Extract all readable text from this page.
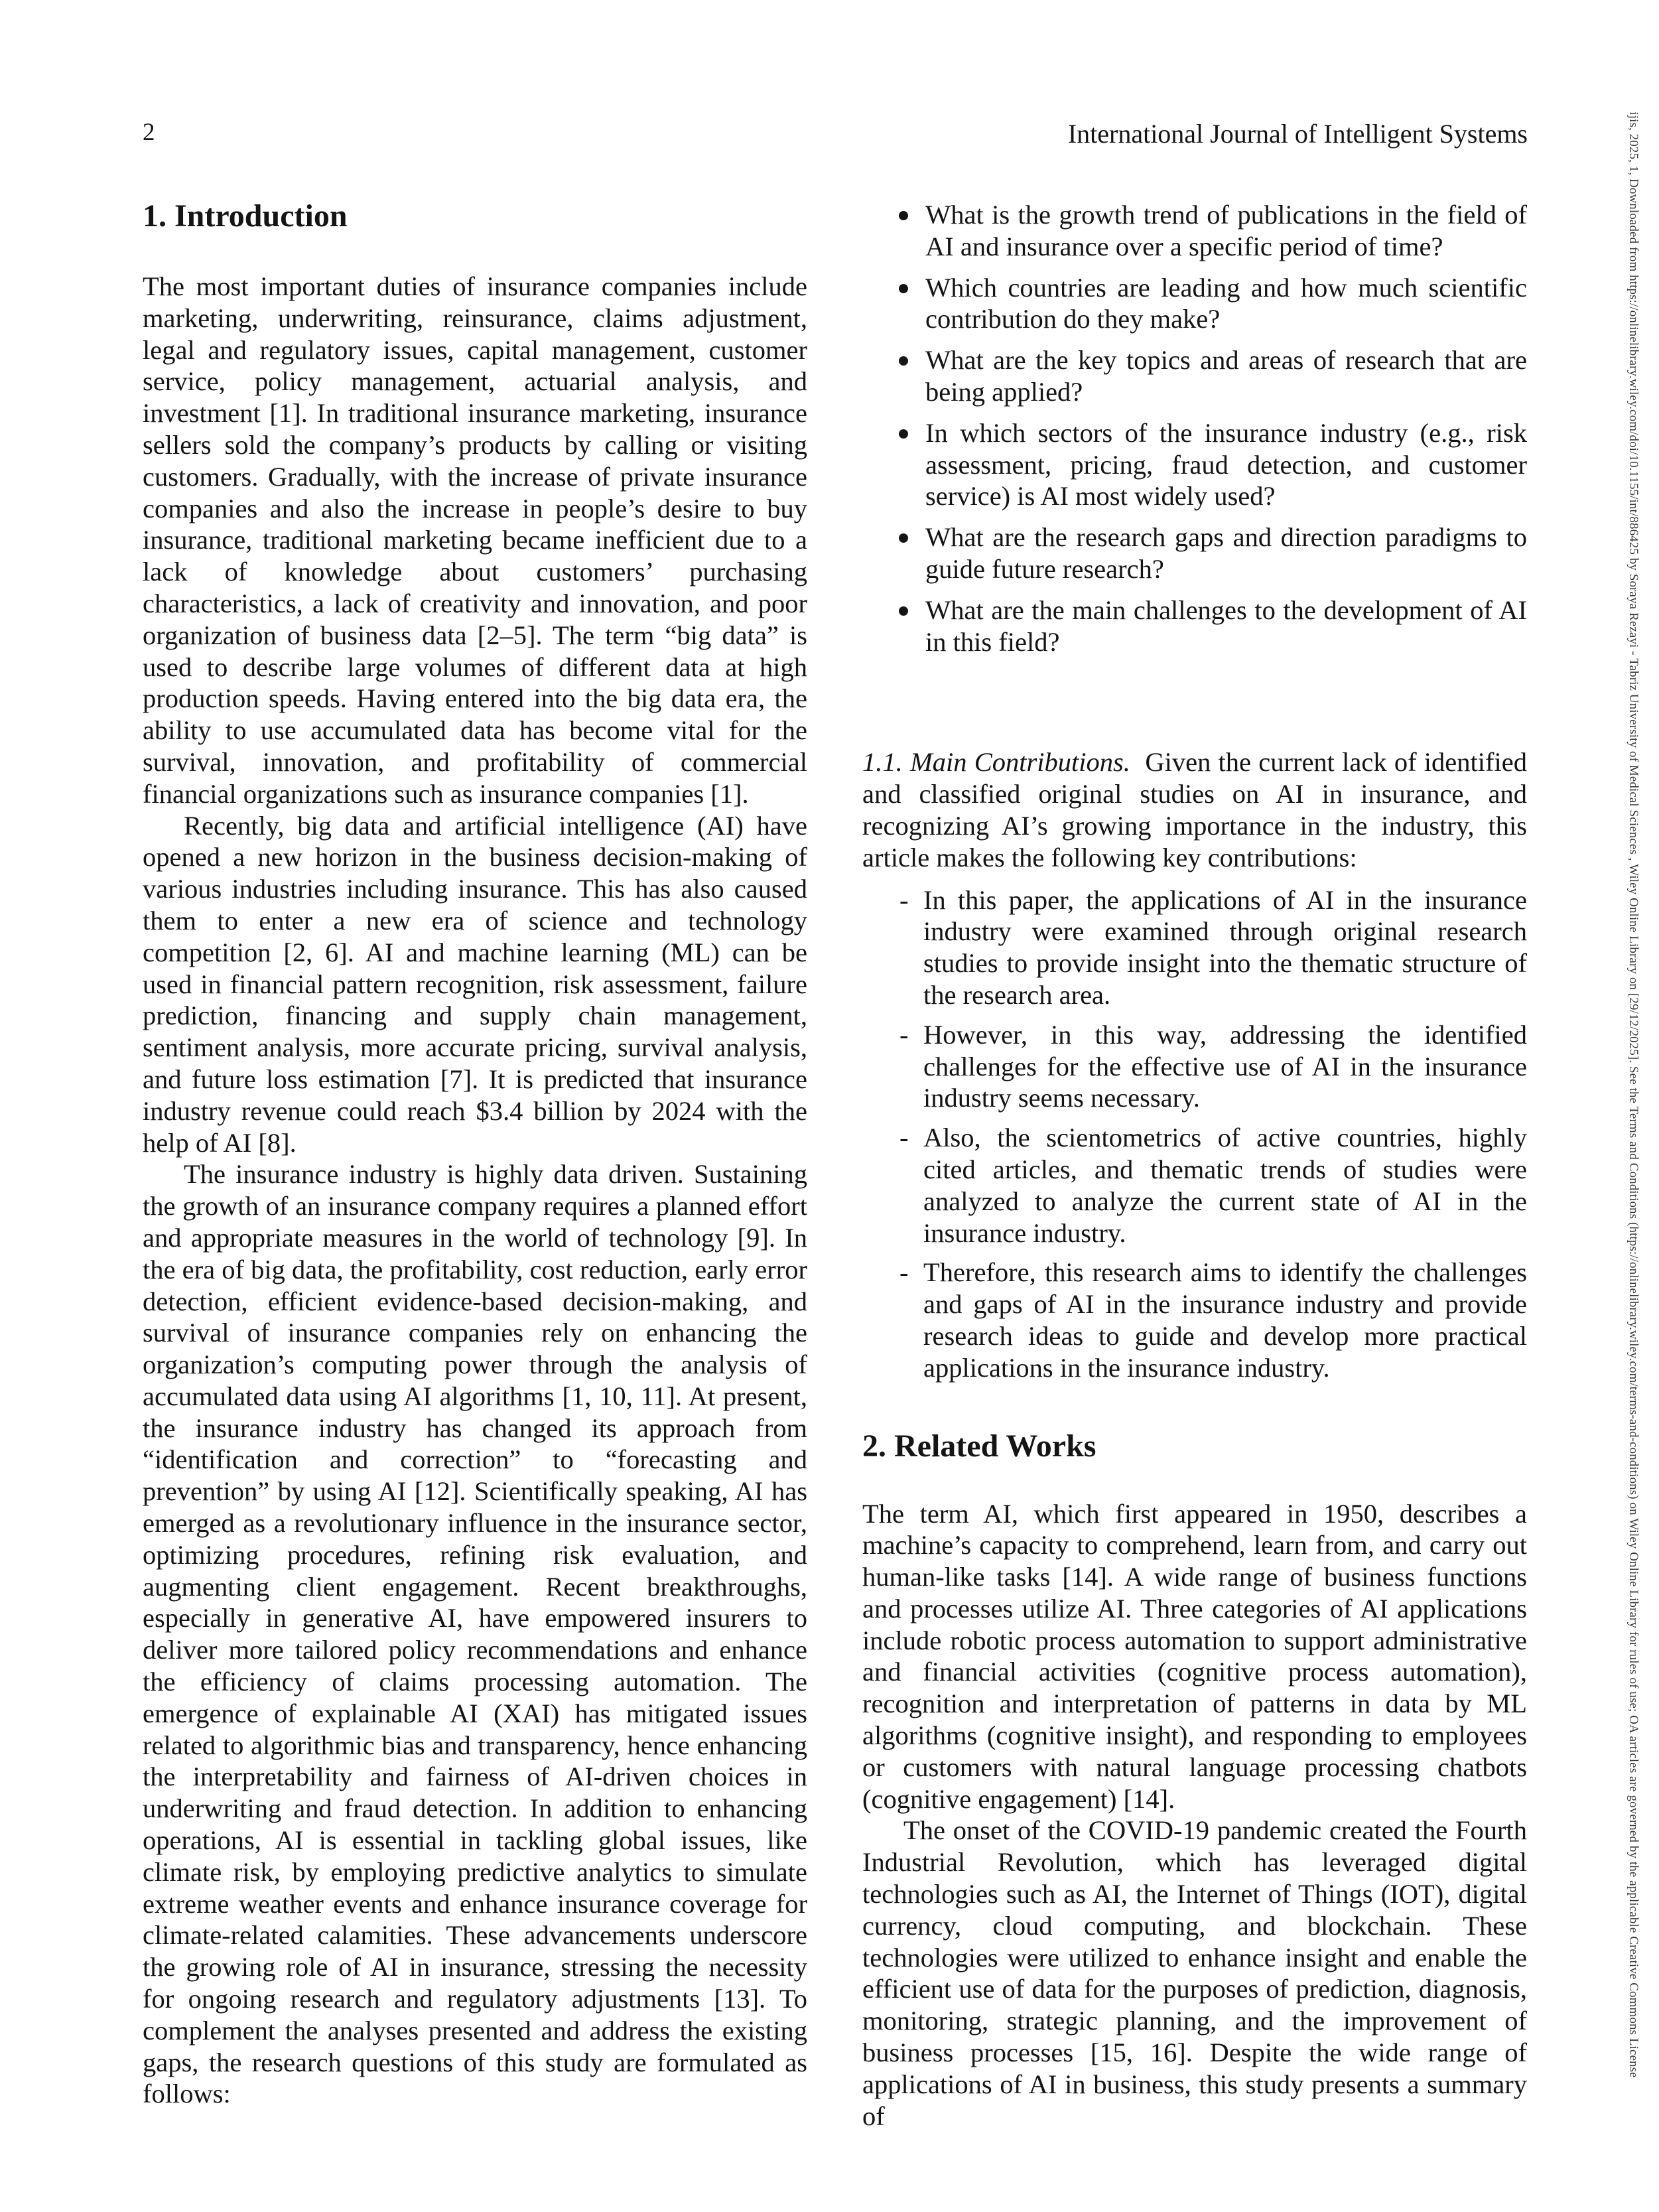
2	International Journal of Intelligent Systems	ijis, 2025, 1, Downloaded from https://onlinelibrary.wiley.com/doi/10.1155/int/886425 by Soraya Rezayi - Tabriz University of Medical Sciences , Wiley Online Library on [29/12/2025]. See the Terms and Conditions (https://onlinelibrary.wiley.com/terms-and-conditions) on Wiley Online Library for rules of use; OA articles are governed by the applicable Creative Commons License
1. Introduction

The most important duties of insurance companies include marketing, underwriting, reinsurance, claims adjustment, legal and regulatory issues, capital management, customer service, policy management, actuarial analysis, and investment [1]. In traditional insurance marketing, insurance sellers sold the company’s products by calling or visiting customers. Gradually, with the increase of private insurance companies and also the increase in people’s desire to buy insurance, traditional marketing became inefficient due to a lack of knowledge about customers’ purchasing characteristics, a lack of creativity and innovation, and poor organization of business data [2–5]. The term “big data” is used to describe large volumes of different data at high production speeds. Having entered into the big data era, the ability to use accumulated data has become vital for the survival, innovation, and profitability of commercial financial organizations such as insurance companies [1].

Recently, big data and artificial intelligence (AI) have opened a new horizon in the business decision-making of various industries including insurance. This has also caused them to enter a new era of science and technology competition [2, 6]. AI and machine learning (ML) can be used in financial pattern recognition, risk assessment, failure prediction, financing and supply chain management, sentiment analysis, more accurate pricing, survival analysis, and future loss estimation [7]. It is predicted that insurance industry revenue could reach $3.4 billion by 2024 with the help of AI [8].

The insurance industry is highly data driven. Sustaining the growth of an insurance company requires a planned effort and appropriate measures in the world of technology [9]. In the era of big data, the profitability, cost reduction, early error detection, efficient evidence-based decision-making, and survival of insurance companies rely on enhancing the organization’s computing power through the analysis of accumulated data using AI algorithms [1, 10, 11]. At present, the insurance industry has changed its approach from “identification and correction” to “forecasting and prevention” by using AI [12]. Scientifically speaking, AI has emerged as a revolutionary influence in the insurance sector, optimizing procedures, refining risk evaluation, and augmenting client engagement. Recent breakthroughs, especially in generative AI, have empowered insurers to deliver more tailored policy recommendations and enhance the efficiency of claims processing automation. The emergence of explainable AI (XAI) has mitigated issues related to algorithmic bias and transparency, hence enhancing the interpretability and fairness of AI-driven choices in underwriting and fraud detection. In addition to enhancing operations, AI is essential in tackling global issues, like climate risk, by employing predictive analytics to simulate extreme weather events and enhance insurance coverage for climate-related calamities. These advancements underscore the growing role of AI in insurance, stressing the necessity for ongoing research and regulatory adjustments [13]. To complement the analyses presented and address the existing gaps, the research questions of this study are formulated as follows:

What is the growth trend of publications in the field of AI and insurance over a specific period of time?
Which countries are leading and how much scientific contribution do they make?
What are the key topics and areas of research that are being applied?
In which sectors of the insurance industry (e.g., risk assessment, pricing, fraud detection, and customer service) is AI most widely used?
What are the research gaps and direction paradigms to guide future research?
What are the main challenges to the development of AI in this field?

1.1. Main Contributions. Given the current lack of identified and classified original studies on AI in insurance, and recognizing AI’s growing importance in the industry, this article makes the following key contributions:

- In this paper, the applications of AI in the insurance industry were examined through original research studies to provide insight into the thematic structure of the research area.
- However, in this way, addressing the identified challenges for the effective use of AI in the insurance industry seems necessary.
- Also, the scientometrics of active countries, highly cited articles, and thematic trends of studies were analyzed to analyze the current state of AI in the insurance industry.
- Therefore, this research aims to identify the challenges and gaps of AI in the insurance industry and provide research ideas to guide and develop more practical applications in the insurance industry.
2. Related Works

The term AI, which first appeared in 1950, describes a machine’s capacity to comprehend, learn from, and carry out human-like tasks [14]. A wide range of business functions and processes utilize AI. Three categories of AI applications include robotic process automation to support administrative and financial activities (cognitive process automation), recognition and interpretation of patterns in data by ML algorithms (cognitive insight), and responding to employees or customers with natural language processing chatbots (cognitive engagement) [14].

The onset of the COVID-19 pandemic created the Fourth Industrial Revolution, which has leveraged digital technologies such as AI, the Internet of Things (IOT), digital currency, cloud computing, and blockchain. These technologies were utilized to enhance insight and enable the efficient use of data for the purposes of prediction, diagnosis, monitoring, strategic planning, and the improvement of business processes [15, 16]. Despite the wide range of applications of AI in business, this study presents a summary of
